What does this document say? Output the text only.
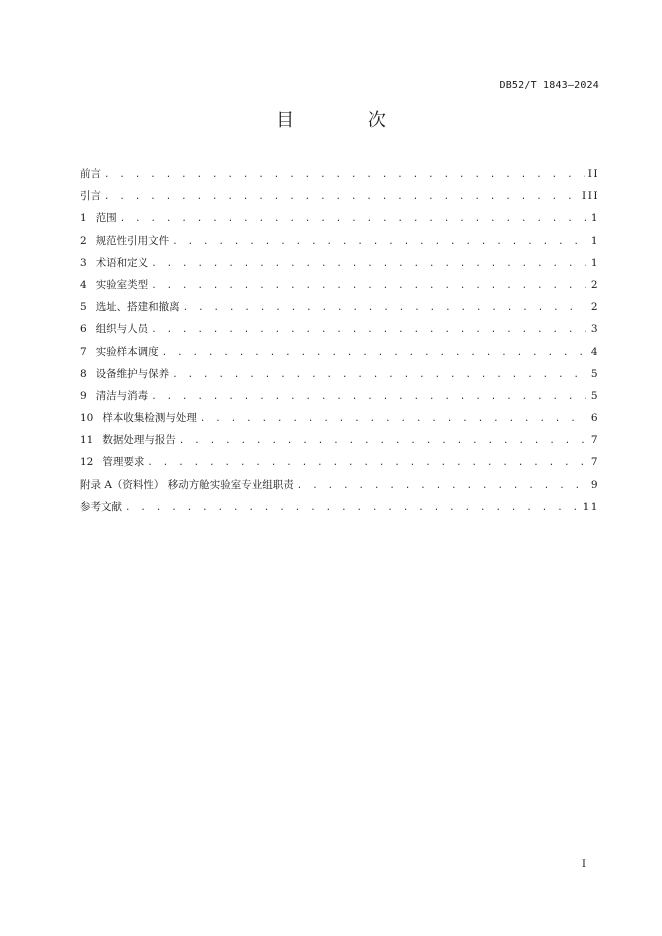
DB52/T 1843—2024
目 次
前言 . . .	II
引言 . . .	III
1 范围 . . .	1
2 规范性引用文件 . . .	1
3 术语和定义 . . .	1
4 实验室类型 . . .	2
5 选址、搭建和撤离 . . .	2
6 组织与人员 . . .	3
7 实验样本调度 . . .	4
8 设备维护与保养 . . .	5
9 清洁与消毒 . . .	5
10 样本收集检测与处理 . . .	6
11 数据处理与报告 . . .	7
12 管理要求 . . .	7
附录 A（资料性） 移动方舱实验室专业组职责 . . .	9
参考文献 . . .	11
I
